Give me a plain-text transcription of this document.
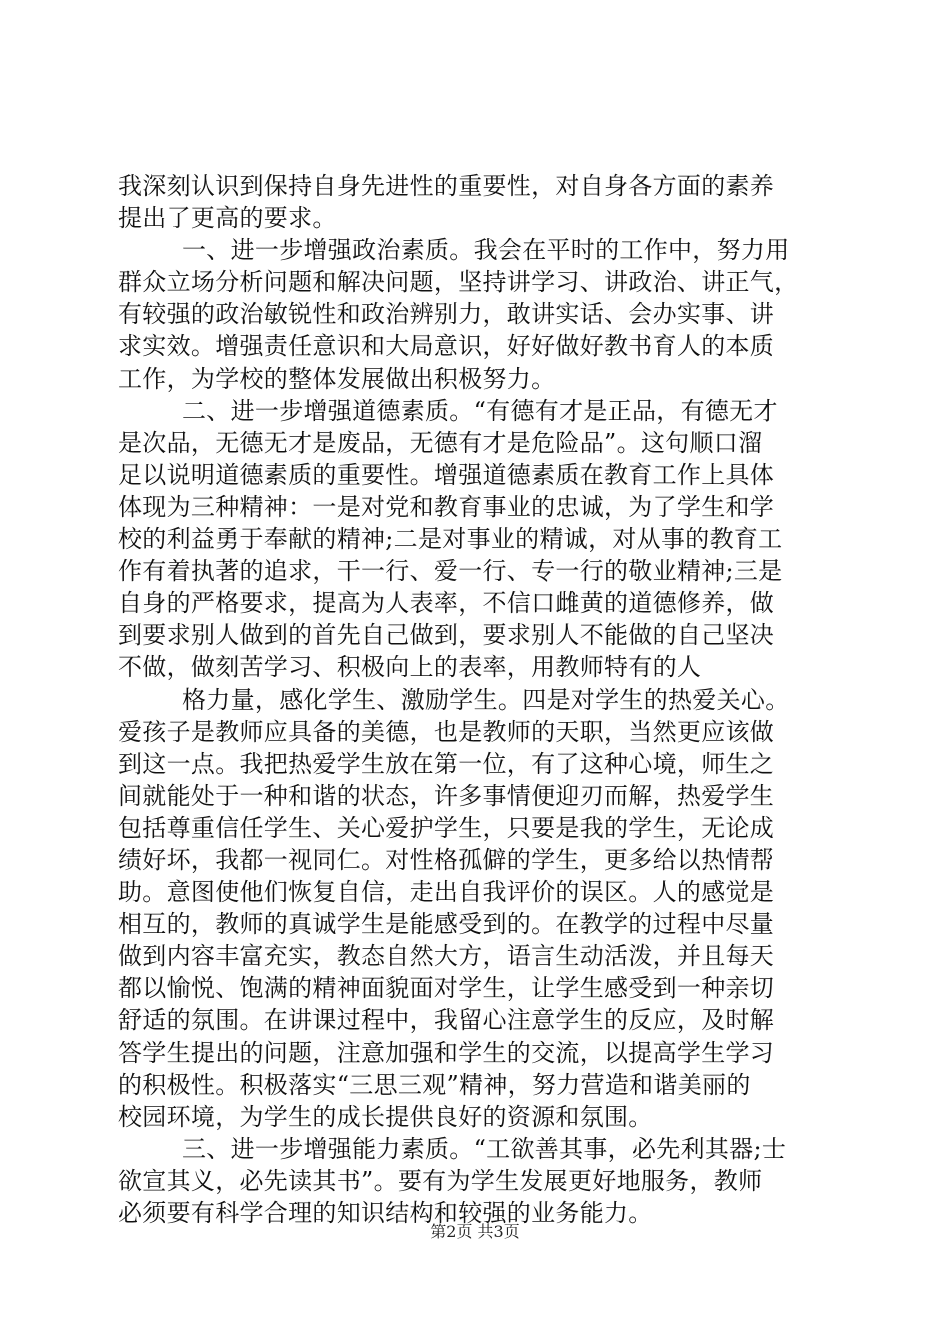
我深刻认识到保持自身先进性的重要性，对自身各方面的素养
提出了更高的要求。
一、进一步增强政治素质。我会在平时的工作中，努力用
群众立场分析问题和解决问题，坚持讲学习、讲政治、讲正气，
有较强的政治敏锐性和政治辨别力，敢讲实话、会办实事、讲
求实效。增强责任意识和大局意识，好好做好教书育人的本质
工作，为学校的整体发展做出积极努力。
二、进一步增强道德素质。“有德有才是正品，有德无才
是次品，无德无才是废品，无德有才是危险品”。这句顺口溜
足以说明道德素质的重要性。增强道德素质在教育工作上具体
体现为三种精神：一是对党和教育事业的忠诚，为了学生和学
校的利益勇于奉献的精神;二是对事业的精诚，对从事的教育工
作有着执著的追求，干一行、爱一行、专一行的敬业精神;三是
自身的严格要求，提高为人表率，不信口雌黄的道德修养，做
到要求别人做到的首先自己做到，要求别人不能做的自己坚决
不做，做刻苦学习、积极向上的表率，用教师特有的人
格力量，感化学生、激励学生。四是对学生的热爱关心。
爱孩子是教师应具备的美德，也是教师的天职，当然更应该做
到这一点。我把热爱学生放在第一位，有了这种心境，师生之
间就能处于一种和谐的状态，许多事情便迎刃而解，热爱学生
包括尊重信任学生、关心爱护学生，只要是我的学生，无论成
绩好坏，我都一视同仁。对性格孤僻的学生，更多给以热情帮
助。意图使他们恢复自信，走出自我评价的误区。人的感觉是
相互的，教师的真诚学生是能感受到的。在教学的过程中尽量
做到内容丰富充实，教态自然大方，语言生动活泼，并且每天
都以愉悦、饱满的精神面貌面对学生，让学生感受到一种亲切
舒适的氛围。在讲课过程中，我留心注意学生的反应，及时解
答学生提出的问题，注意加强和学生的交流，以提高学生学习
的积极性。积极落实“三思三观”精神，努力营造和谐美丽的
校园环境，为学生的成长提供良好的资源和氛围。
三、进一步增强能力素质。“工欲善其事，必先利其器;士
欲宣其义，必先读其书”。要有为学生发展更好地服务，教师
必须要有科学合理的知识结构和较强的业务能力。
第2页 共3页
